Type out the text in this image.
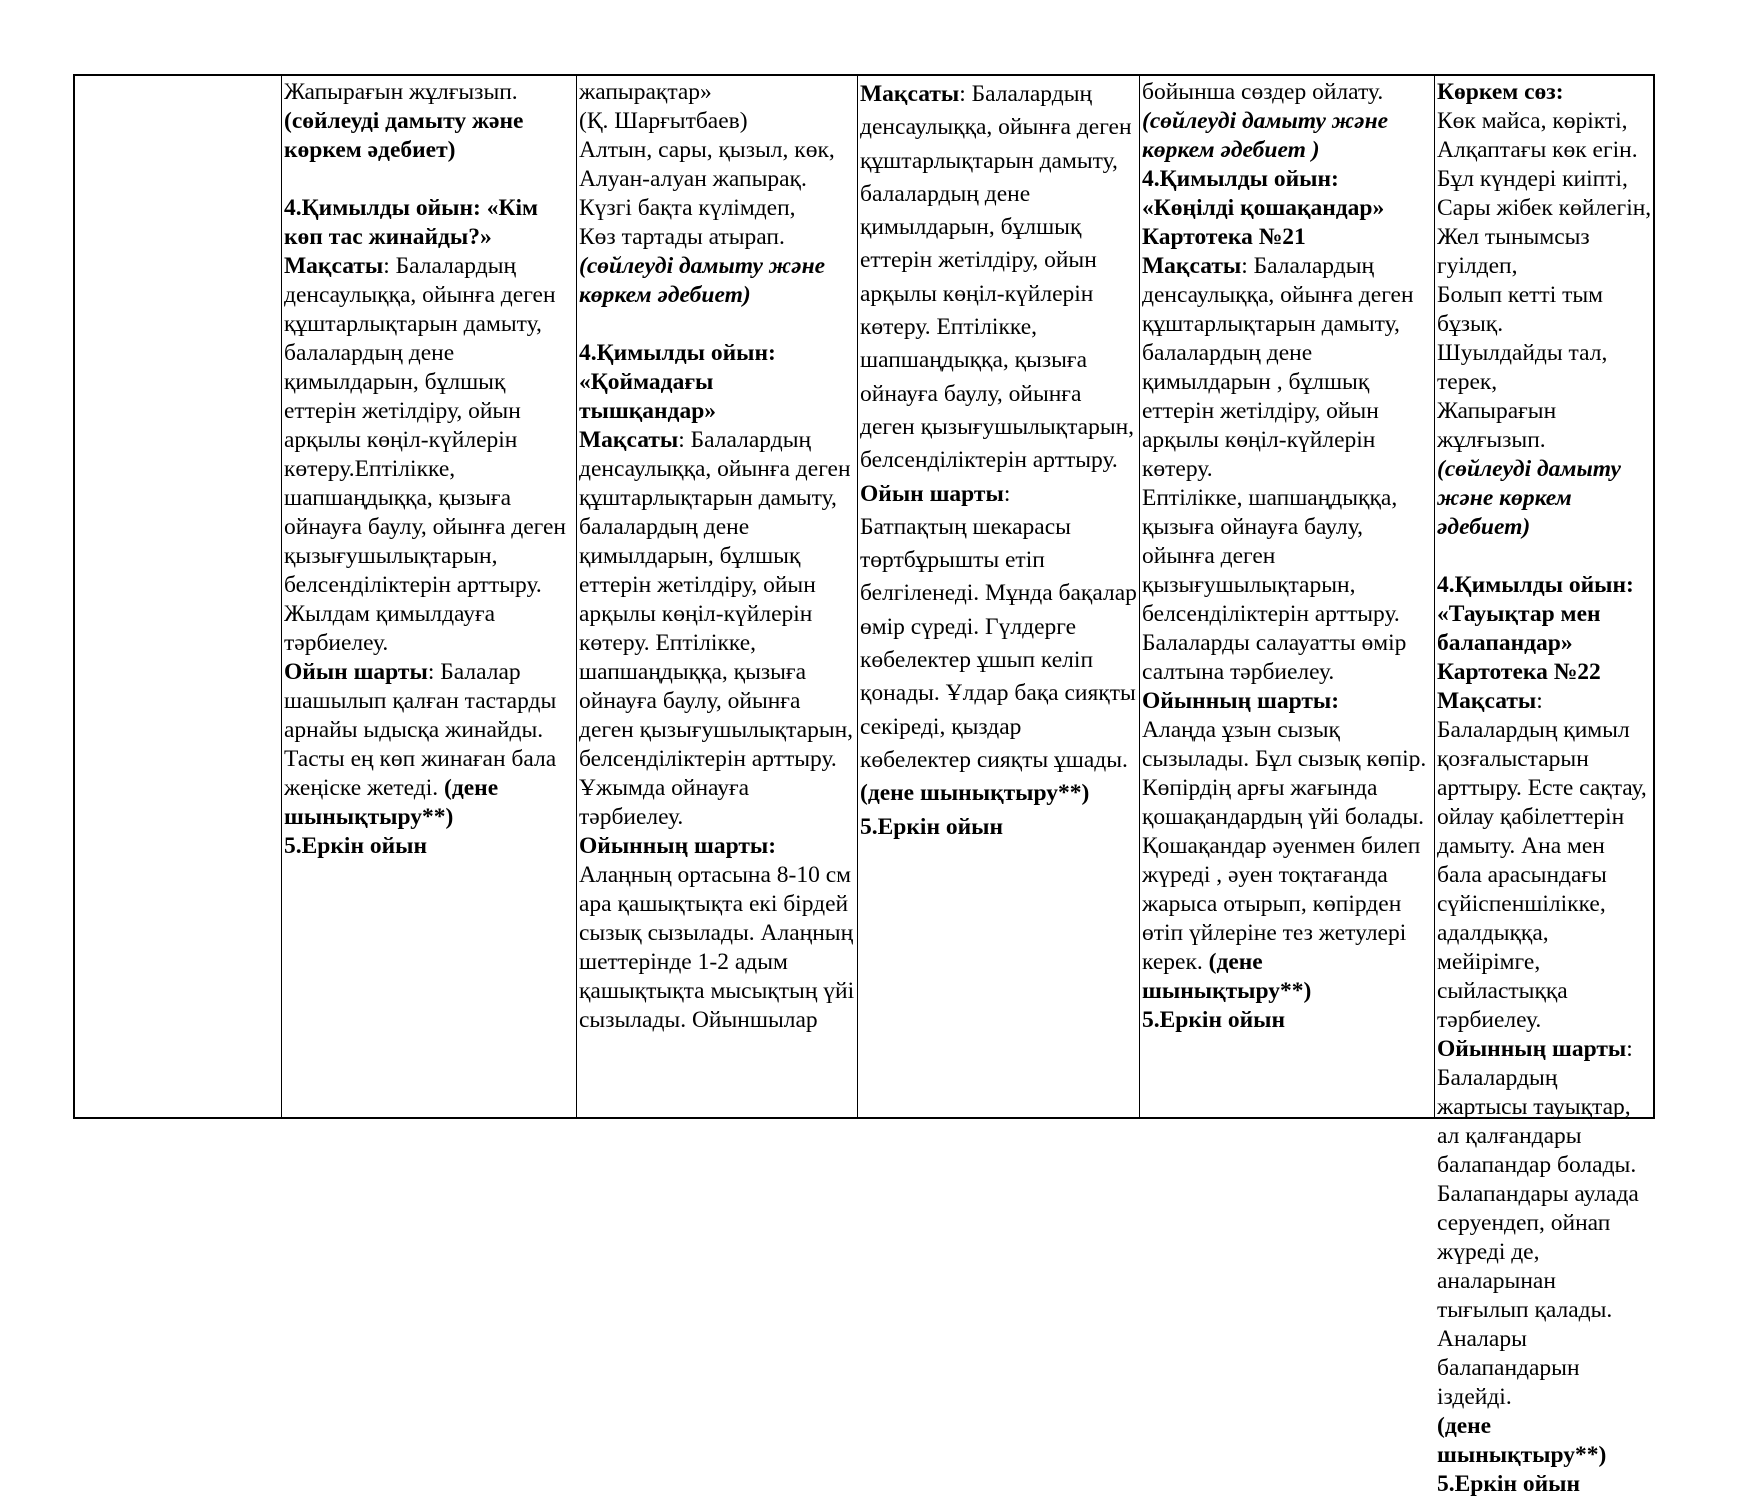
Жапырағын жұлғызып.
(сөйлеуді дамыту және көркем әдебиет)

4.Қимылды ойын: «Кім көп тас жинайды?»
Мақсаты: Балалардың денсаулыққа, ойынға деген құштарлықтарын дамыту, балалардың дене қимылдарын, бұлшық еттерін жетілдіру, ойын арқылы көңіл-күйлерін көтеру.Ептілікке, шапшаңдыққа, қызыға ойнауға баулу, ойынға деген қызығушылықтарын, белсенділіктерін арттыру. Жылдам қимылдауға тәрбиелеу.
Ойын шарты: Балалар шашылып қалған тастарды арнайы ыдысқа жинайды. Тасты ең көп жинаған бала жеңіске жетеді. (дене шынықтыру**)
5.Еркін ойын
жапырақтар»
(Қ. Шарғытбаев)
Алтын, сары, қызыл, көк,
Алуан-алуан жапырақ.
Күзгі бақта күлімдеп,
Көз тартады атырап.
(сөйлеуді дамыту және көркем әдебиет)

4.Қимылды ойын: «Қоймадағы тышқандар»
Мақсаты: Балалардың денсаулыққа, ойынға деген құштарлықтарын дамыту, балалардың дене қимылдарын, бұлшық еттерін жетілдіру, ойын арқылы көңіл-күйлерін көтеру. Ептілікке, шапшаңдыққа, қызыға ойнауға баулу, ойынға деген қызығушылықтарын, белсенділіктерін арттыру. Ұжымда ойнауға тәрбиелеу.
Ойынның шарты:
Алаңның ортасына 8-10 см ара қашықтықта екі бірдей сызық сызылады. Алаңның шеттерінде 1-2 адым қашықтықта мысықтың үйі сызылады. Ойыншылар
Мақсаты: Балалардың денсаулыққа, ойынға деген құштарлықтарын дамыту, балалардың дене қимылдарын, бұлшық еттерін жетілдіру, ойын арқылы көңіл-күйлерін көтеру. Ептілікке, шапшаңдыққа, қызыға ойнауға баулу, ойынға деген қызығушылықтарын, белсенділіктерін арттыру.
Ойын шарты:
Батпақтың шекарасы төртбұрышты етіп белгіленеді. Мұнда бақалар өмір сүреді. Гүлдерге көбелектер ұшып келіп қонады. Ұлдар бақа сияқты секіреді, қыздар көбелектер сияқты ұшады. (дене шынықтыру**)
5.Еркін ойын
бойынша сөздер ойлату.
(сөйлеуді дамыту және көркем әдебиет )
4.Қимылды ойын: «Көңілді қошақандар» Картотека №21
Мақсаты: Балалардың денсаулыққа, ойынға деген құштарлықтарын дамыту, балалардың дене қимылдарын , бұлшық еттерін жетілдіру, ойын арқылы көңіл-күйлерін көтеру.
Ептілікке, шапшаңдыққа, қызыға ойнауға баулу, ойынға деген қызығушылықтарын, белсенділіктерін арттыру. Балаларды салауатты өмір салтына тәрбиелеу.
Ойынның шарты:
Алаңда ұзын сызық сызылады. Бұл сызық көпір. Көпірдің арғы жағында қошақандардың үйі болады. Қошақандар әуенмен билеп жүреді , әуен тоқтағанда жарыса отырып, көпірден өтіп үйлеріне тез жетулері керек. (дене шынықтыру**)
5.Еркін ойын
Көркем сөз:
Көк майса, көрікті,
Алқаптағы көк егін.
Бұл күндері киіпті,
Сары жібек көйлегін,
Жел тынымсыз гуілдеп,
Болып кетті тым бұзық.
Шуылдайды тал, терек,
Жапырағын жұлғызып.
(сөйлеуді дамыту және көркем әдебиет)

4.Қимылды ойын: «Тауықтар мен балапандар» Картотека №22
Мақсаты: Балалардың қимыл қозғалыстарын арттыру. Есте сақтау, ойлау қабілеттерін дамыту. Ана мен бала арасындағы сүйіспеншілікке, адалдыққа, мейірімге, сыйластыққа тәрбиелеу.
Ойынның шарты:
Балалардың жартысы тауықтар, ал қалғандары балапандар болады. Балапандары аулада серуендеп, ойнап жүреді де, аналарынан тығылып қалады. Аналары балапандарын іздейді.
(дене шынықтыру**)
5.Еркін ойын
